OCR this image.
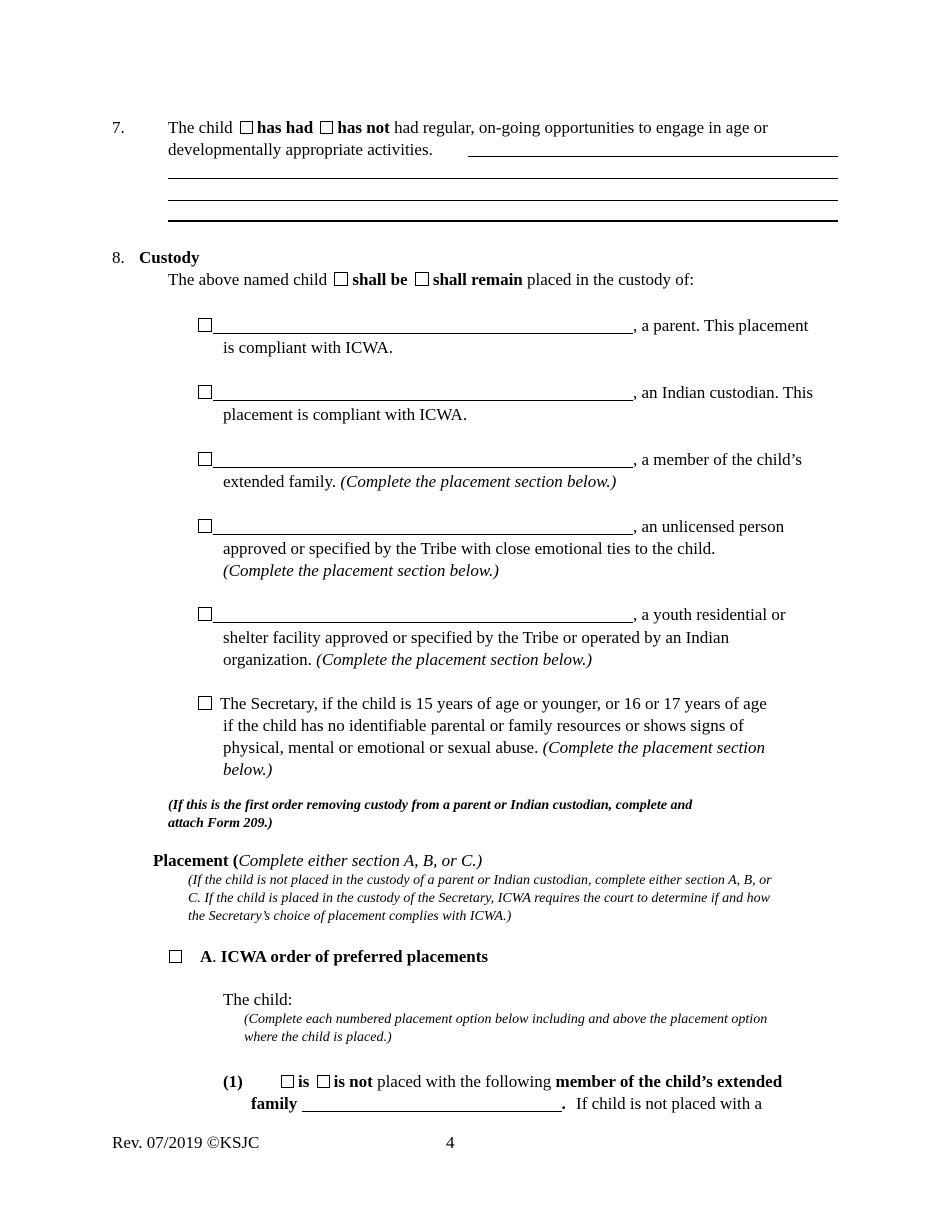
7.	The child has had has not had regular, on-going opportunities to engage in age or
developmentally appropriate activities.
8. Custody
The above named child shall be shall remain placed in the custody of:
, a parent. This placement
is compliant with ICWA.
, an Indian custodian. This
placement is compliant with ICWA.
, a member of the child’s
extended family. (Complete the placement section below.)
, an unlicensed person
approved or specified by the Tribe with close emotional ties to the child.
(Complete the placement section below.)
, a youth residential or
shelter facility approved or specified by the Tribe or operated by an Indian
organization. (Complete the placement section below.)
The Secretary, if the child is 15 years of age or younger, or 16 or 17 years of age
if the child has no identifiable parental or family resources or shows signs of
physical, mental or emotional or sexual abuse. (Complete the placement section
below.)
(If this is the first order removing custody from a parent or Indian custodian, complete and
attach Form 209.)
Placement (Complete either section A, B, or C.)
(If the child is not placed in the custody of a parent or Indian custodian, complete either section A, B, or
C. If the child is placed in the custody of the Secretary, ICWA requires the court to determine if and how
the Secretary’s choice of placement complies with ICWA.)
A. ICWA order of preferred placements
The child:
(Complete each numbered placement option below including and above the placement option
where the child is placed.)
(1)	is is not placed with the following member of the child’s extended
family	. If child is not placed with a
Rev. 07/2019 ©KSJC	4
